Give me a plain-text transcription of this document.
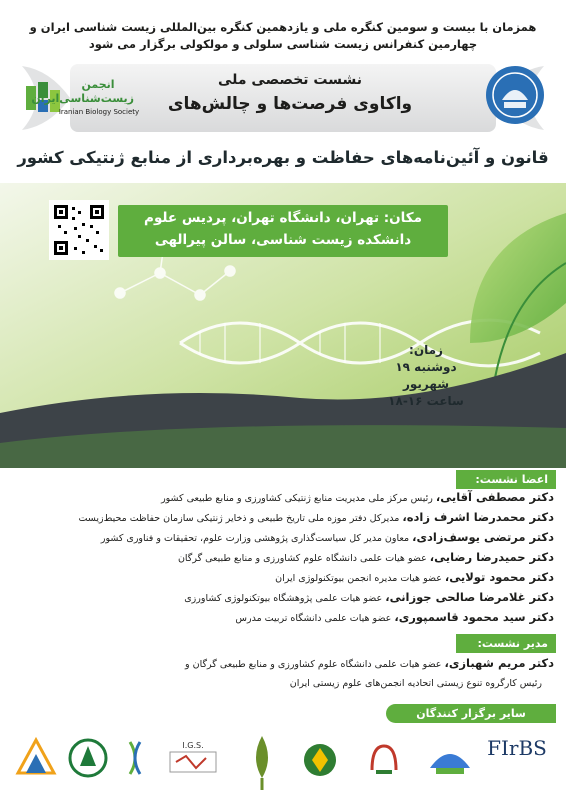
همزمان با بیست و سومین کنگره ملی و یازدهمین کنگره بین‌المللی زیست شناسی ایران و
چهارمین کنفرانس زیست شناسی سلولی و مولکولی برگزار می شود
انجمن
زیست‌شناسی‌ایران
Iranian Biology Society
نشست تخصصی ملی
واکاوی فرصت‌ها و چالش‌های
قانون و آئین‌نامه‌های حفاظت و بهره‌برداری از منابع ژنتیکی کشور
مکان: تهران، دانشگاه تهران، پردیس علوم
دانشکده زیست شناسی، سالن پیرالهی
زمان:
دوشنبه ۱۹ شهریور
ساعت ۱۶-۱۸
اعضا نشست:
دکتر مصطفی آقایی، رئیس مرکز ملی مدیریت منابع ژنتیکی کشاورزی و منابع طبیعی کشور
دکتر محمدرضا اشرف زاده، مدیرکل دفتر موزه ملی تاریخ طبیعی و ذخایر ژنتیکی سازمان حفاظت محیط‌زیست
دکتر مرتضی یوسف‌زادی، معاون مدیر کل سیاست‌گذاری پژوهشی وزارت علوم، تحقیقات و فناوری کشور
دکتر حمیدرضا رضایی، عضو هیات علمی دانشگاه علوم کشاورزی و منابع طبیعی گرگان
دکتر محمود تولایی، عضو هیات مدیره انجمن بیوتکنولوژی ایران
دکتر غلامرضا صالحی جوزانی، عضو هیات علمی پژوهشگاه بیوتکنولوژی کشاورزی
دکتر سید محمود قاسمپوری، عضو هیات علمی دانشگاه تربیت مدرس
مدیر نشست:
دکتر مریم شهبازی، عضو هیات علمی دانشگاه علوم کشاورزی و منابع طبیعی گرگان و
رئیس کارگروه تنوع زیستی اتحادیه انجمن‌های علوم زیستی ایران
سایر برگزار کنندگان
I.G.S.	FIrBS
